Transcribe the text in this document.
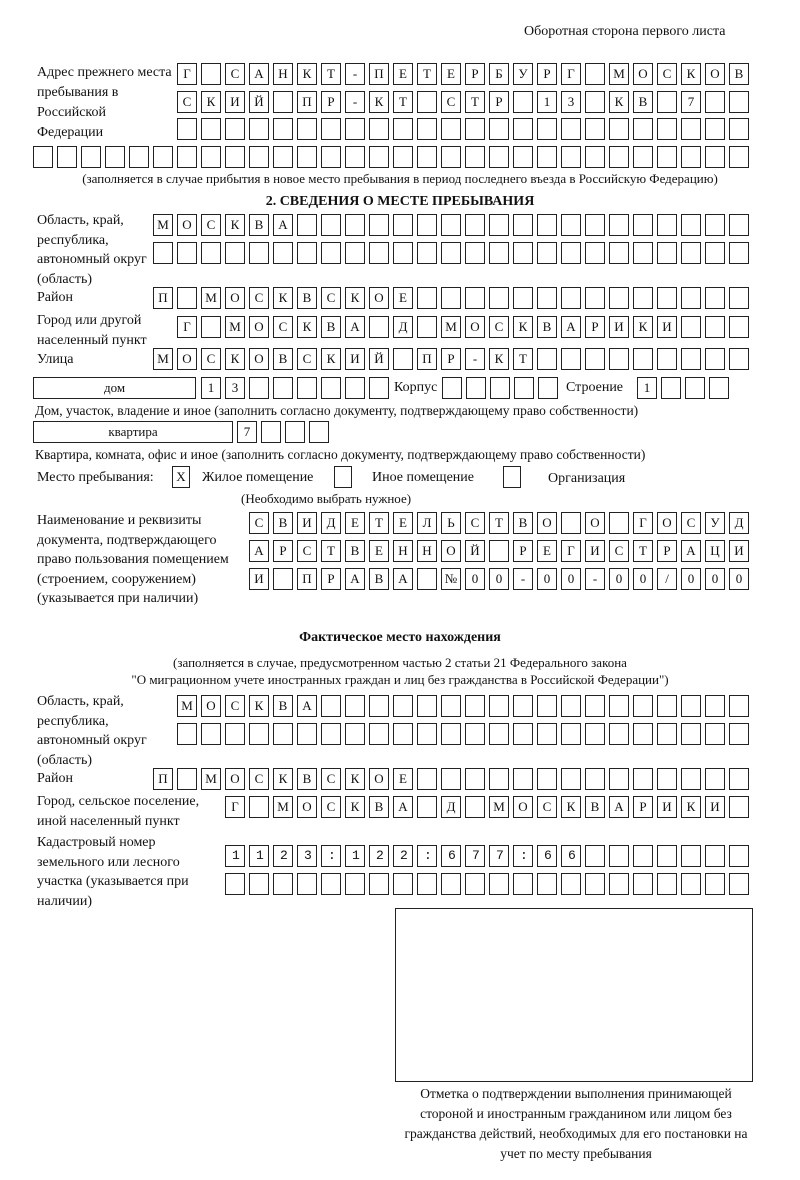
Оборотная сторона первого листа
Адрес прежнего места пребывания в Российской Федерации
Г	С	А	Н	К	Т	-	П	Е	Т	Е	Р	Б	У	Р	Г	М	О	С	К	О	В
С	К	И	Й	П	Р	-	К	Т	С	Т	Р	1	3	К	В	7
(заполняется в случае прибытия в новое место пребывания в период последнего въезда в Российскую Федерацию)
2. СВЕДЕНИЯ О МЕСТЕ ПРЕБЫВАНИЯ
Область, край, республика, автономный округ (область)
М	О	С	К	В	А
Район	П	М	О	С	К	В	С	К	О	Е
Город или другой населенный пункт
Г	М	О	С	К	В	А	Д	М	О	С	К	В	А	Р	И	К	И
Улица	М	О	С	К	О	В	С	К	И	Й	П	Р	-	К	Т
дом	1	3	Корпус	Строение	1
Дом, участок, владение и иное (заполнить согласно документу, подтверждающему право собственности)
квартира	7
Квартира, комната, офис и иное (заполнить согласно документу, подтверждающему право собственности)
Место пребывания:	X	Жилое помещение	Иное помещение	Организация
(Необходимо выбрать нужное)
Наименование и реквизиты документа, подтверждающего право пользования помещением (строением, сооружением) (указывается при наличии)
С	В	И	Д	Е	Т	Е	Л	Ь	С	Т	В	О	О	Г	О	С	У	Д
А	Р	С	Т	В	Е	Н	Н	О	Й	Р	Е	Г	И	С	Т	Р	А	Ц	И
И	П	Р	А	В	А	№	0	0	-	0	0	-	0	0	/	0	0	0
Фактическое место нахождения
(заполняется в случае, предусмотренном частью 2 статьи 21 Федерального закона
"О миграционном учете иностранных граждан и лиц без гражданства в Российской Федерации")
Область, край, республика, автономный округ (область)
М	О	С	К	В	А
Район	П	М	О	С	К	В	С	К	О	Е
Город, сельское поселение, иной населенный пункт
Г	М	О	С	К	В	А	Д	М	О	С	К	В	А	Р	И	К	И
Кадастровый номер земельного или лесного участка (указывается при наличии)
1123:122:677:66
Отметка о подтверждении выполнения принимающей стороной и иностранным гражданином или лицом без гражданства действий, необходимых для его постановки на учет по месту пребывания
